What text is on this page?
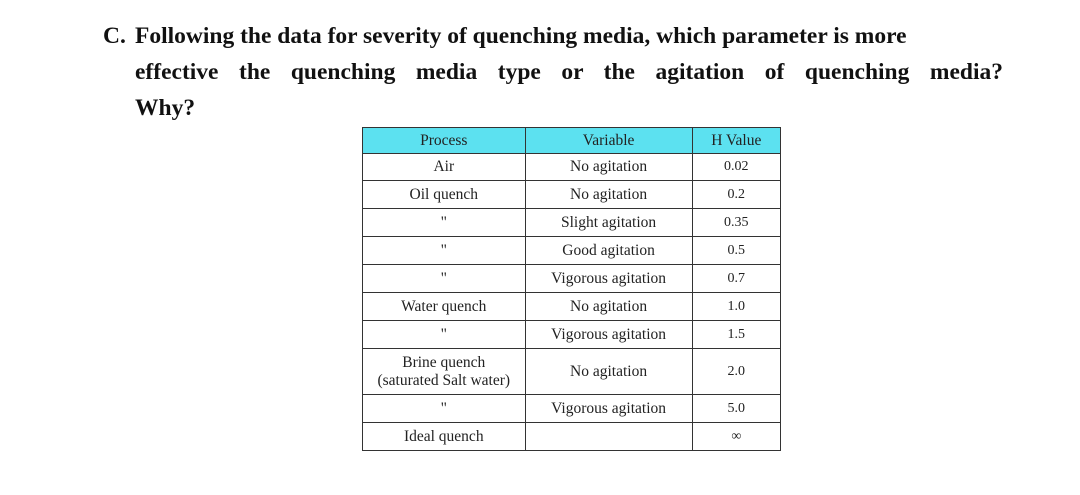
C. Following the data for severity of quenching media, which parameter is more
effective the quenching media type or the agitation of quenching media?
Why?
Process	Variable	H Value
Air	No agitation	0.02
Oil quench	No agitation	0.2
"	Slight agitation	0.35
"	Good agitation	0.5
"	Vigorous agitation	0.7
Water quench	No agitation	1.0
"	Vigorous agitation	1.5

Brine quench
(saturated Salt water)	No agitation	2.0
"	Vigorous agitation	5.0
Ideal quench		∞
